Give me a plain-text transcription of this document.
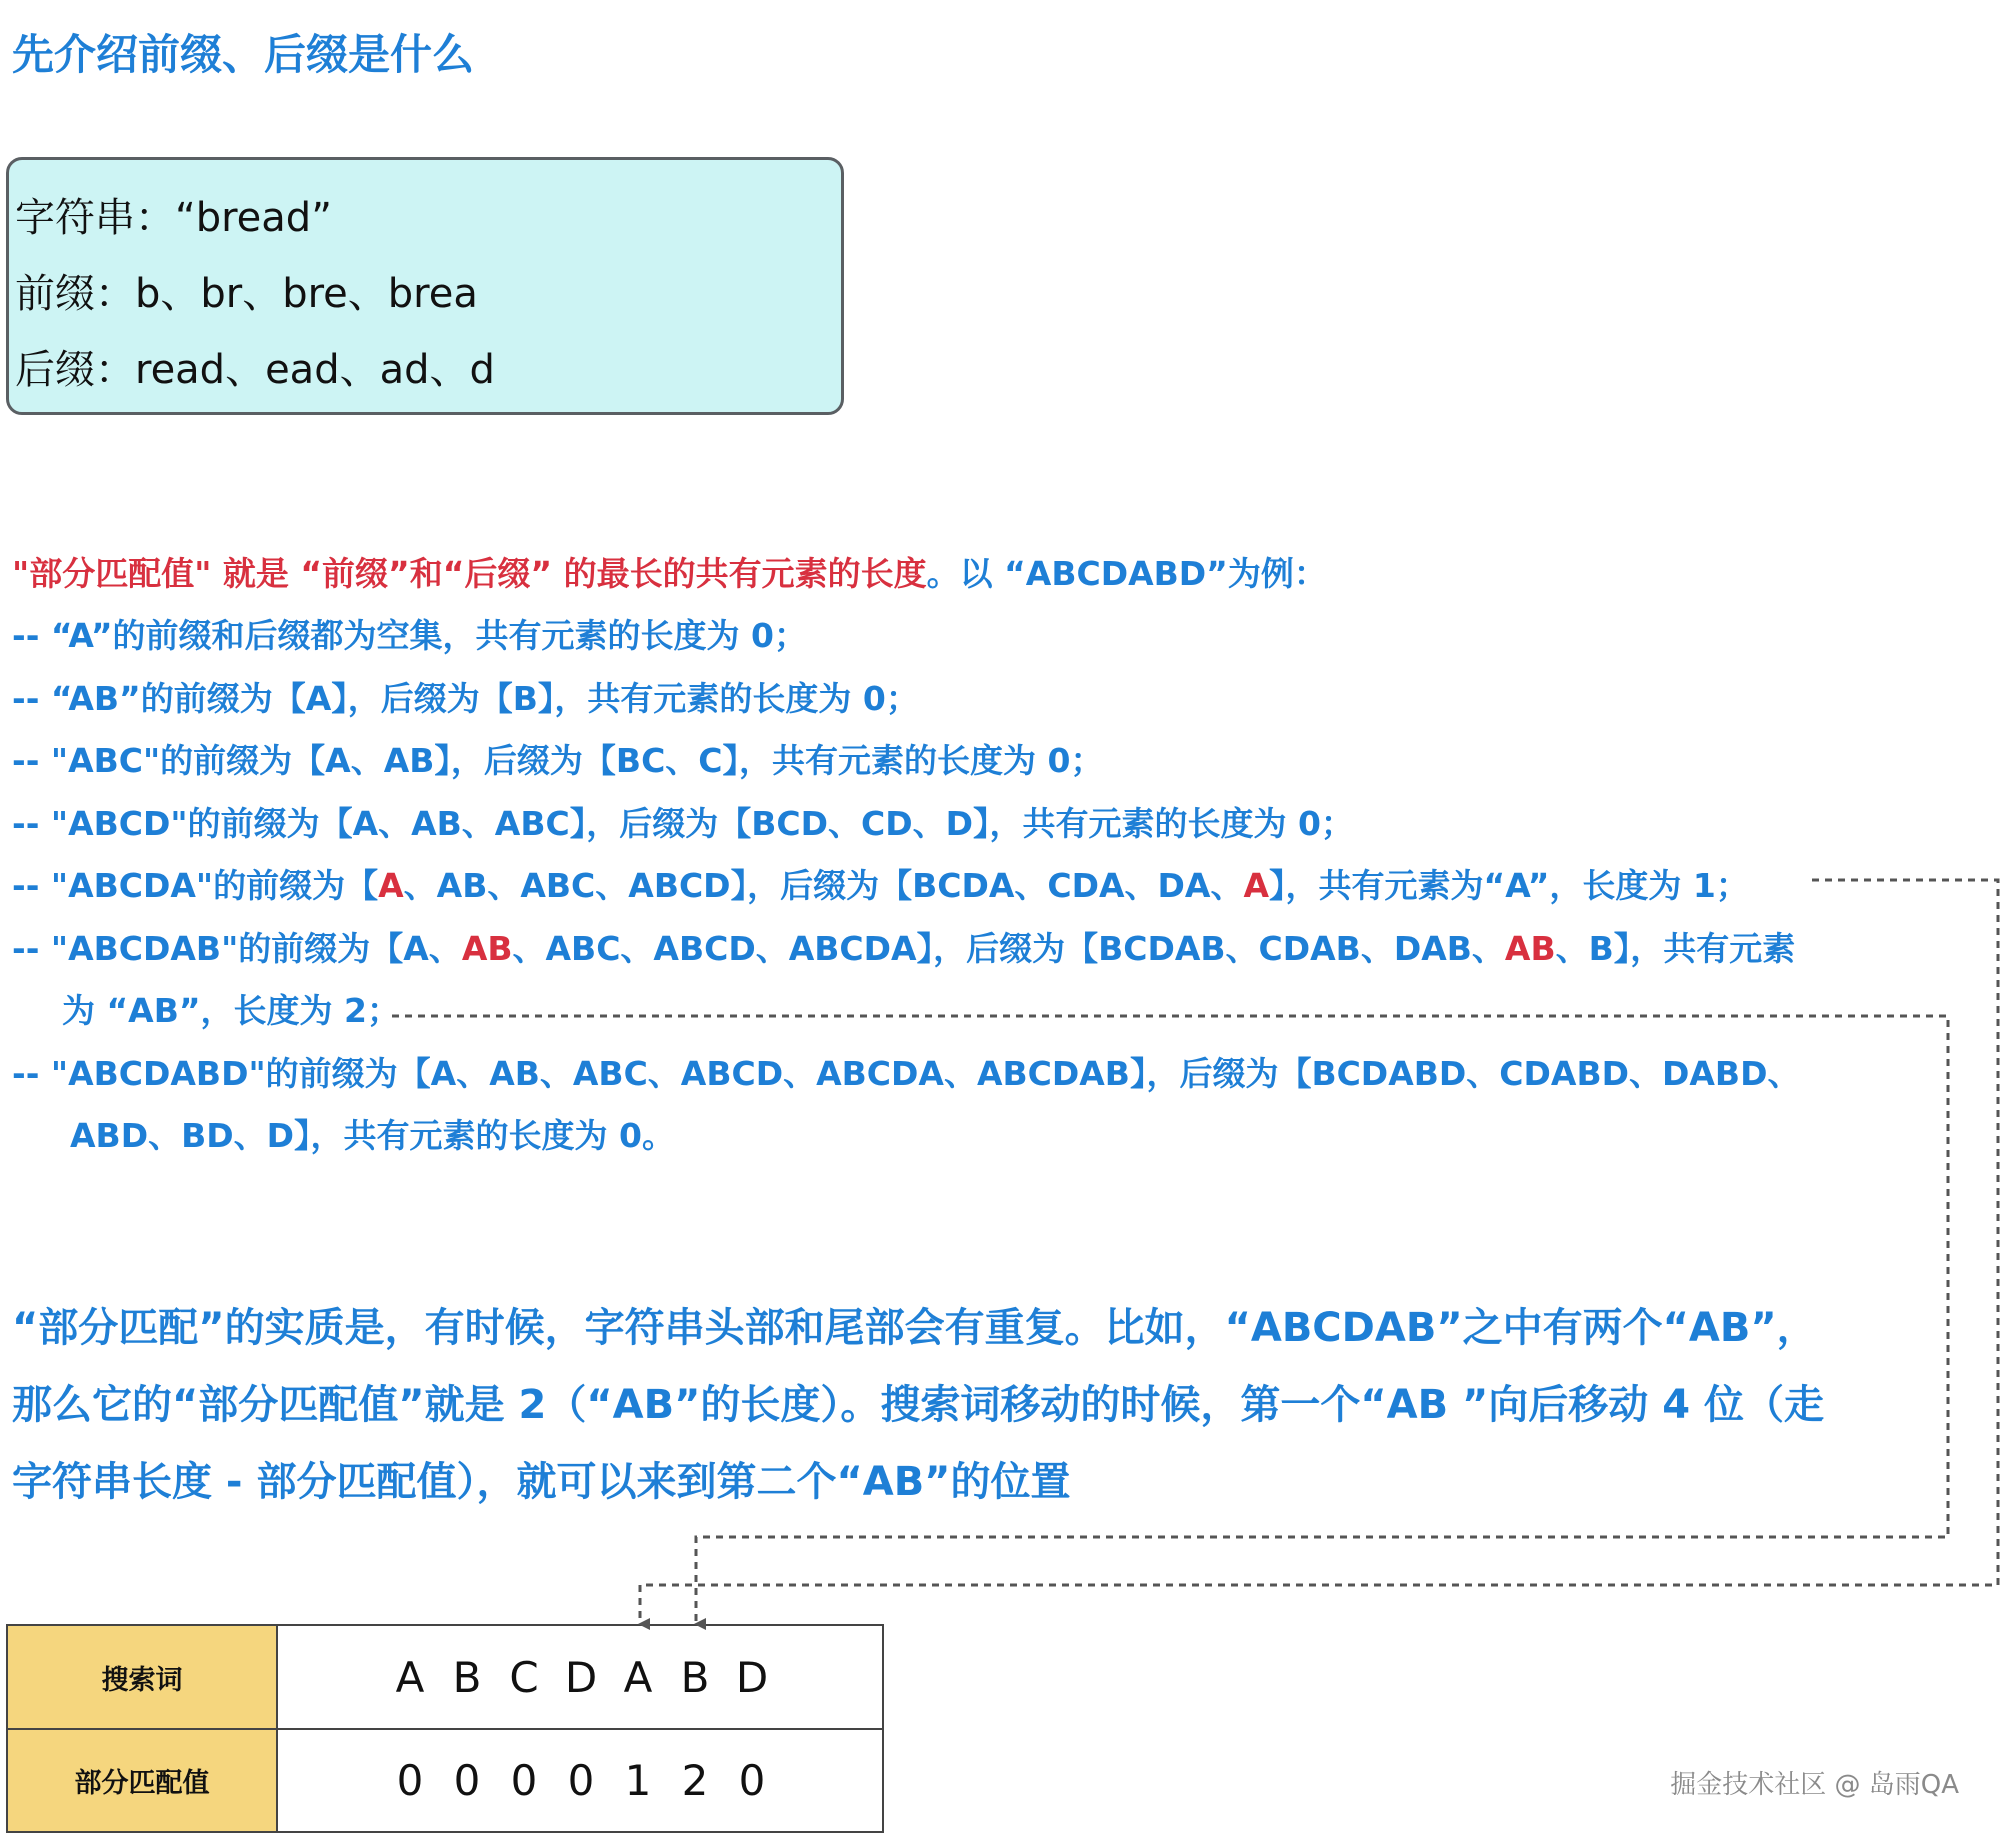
先介绍前缀、后缀是什么
字符串：“bread”
前缀：b、br、bre、brea
后缀：read、ead、ad、d
"部分匹配值" 就是 “前缀”和“后缀” 的最长的共有元素的长度。以 “ABCDABD”为例：
-- “A”的前缀和后缀都为空集，共有元素的长度为 0；
-- “AB”的前缀为【A】，后缀为【B】，共有元素的长度为 0；
-- "ABC"的前缀为【A、AB】，后缀为【BC、C】，共有元素的长度为 0；
-- "ABCD"的前缀为【A、AB、ABC】，后缀为【BCD、CD、D】，共有元素的长度为 0；
-- "ABCDA"的前缀为【A、AB、ABC、ABCD】，后缀为【BCDA、CDA、DA、A】，共有元素为“A”，长度为 1；
-- "ABCDAB"的前缀为【A、AB、ABC、ABCD、ABCDA】，后缀为【BCDAB、CDAB、DAB、AB、B】，共有元素
为 “AB”，长度为 2；
-- "ABCDABD"的前缀为【A、AB、ABC、ABCD、ABCDA、ABCDAB】，后缀为【BCDABD、CDABD、DABD、
ABD、BD、D】，共有元素的长度为 0。
“部分匹配”的实质是，有时候，字符串头部和尾部会有重复。比如，“ABCDAB”之中有两个“AB”，
那么它的“部分匹配值”就是 2（“AB”的长度）。搜索词移动的时候，第一个“AB ”向后移动 4 位（走
字符串长度 - 部分匹配值），就可以来到第二个“AB”的位置
搜索词	A B C D A B D
部分匹配值	0 0 0 0 1 2 0	掘金技术社区 @ 岛雨QA
